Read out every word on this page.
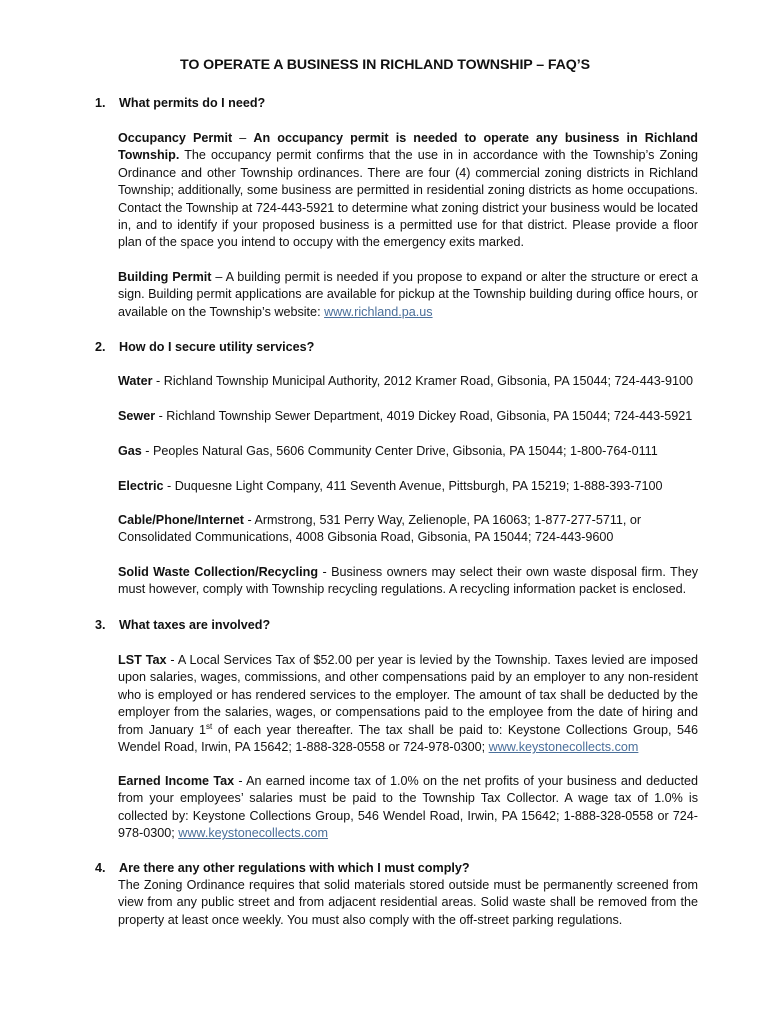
TO OPERATE A BUSINESS IN RICHLAND TOWNSHIP – FAQ’S
1. What permits do I need?
Occupancy Permit – An occupancy permit is needed to operate any business in Richland Township. The occupancy permit confirms that the use in in accordance with the Township’s Zoning Ordinance and other Township ordinances. There are four (4) commercial zoning districts in Richland Township; additionally, some business are permitted in residential zoning districts as home occupations. Contact the Township at 724-443-5921 to determine what zoning district your business would be located in, and to identify if your proposed business is a permitted use for that district. Please provide a floor plan of the space you intend to occupy with the emergency exits marked.
Building Permit – A building permit is needed if you propose to expand or alter the structure or erect a sign. Building permit applications are available for pickup at the Township building during office hours, or available on the Township’s website: www.richland.pa.us
2. How do I secure utility services?
Water - Richland Township Municipal Authority, 2012 Kramer Road, Gibsonia, PA 15044; 724-443-9100
Sewer - Richland Township Sewer Department, 4019 Dickey Road, Gibsonia, PA 15044; 724-443-5921
Gas - Peoples Natural Gas, 5606 Community Center Drive, Gibsonia, PA 15044; 1-800-764-0111
Electric - Duquesne Light Company, 411 Seventh Avenue, Pittsburgh, PA 15219; 1-888-393-7100
Cable/Phone/Internet - Armstrong, 531 Perry Way, Zelienople, PA 16063; 1-877-277-5711, or Consolidated Communications, 4008 Gibsonia Road, Gibsonia, PA 15044; 724-443-9600
Solid Waste Collection/Recycling - Business owners may select their own waste disposal firm. They must however, comply with Township recycling regulations. A recycling information packet is enclosed.
3. What taxes are involved?
LST Tax - A Local Services Tax of $52.00 per year is levied by the Township. Taxes levied are imposed upon salaries, wages, commissions, and other compensations paid by an employer to any non-resident who is employed or has rendered services to the employer. The amount of tax shall be deducted by the employer from the salaries, wages, or compensations paid to the employee from the date of hiring and from January 1st of each year thereafter. The tax shall be paid to: Keystone Collections Group, 546 Wendel Road, Irwin, PA 15642; 1-888-328-0558 or 724-978-0300; www.keystonecollects.com
Earned Income Tax - An earned income tax of 1.0% on the net profits of your business and deducted from your employees’ salaries must be paid to the Township Tax Collector. A wage tax of 1.0% is collected by: Keystone Collections Group, 546 Wendel Road, Irwin, PA 15642; 1-888-328-0558 or 724-978-0300; www.keystonecollects.com
4. Are there any other regulations with which I must comply?
The Zoning Ordinance requires that solid materials stored outside must be permanently screened from view from any public street and from adjacent residential areas. Solid waste shall be removed from the property at least once weekly. You must also comply with the off-street parking regulations.
